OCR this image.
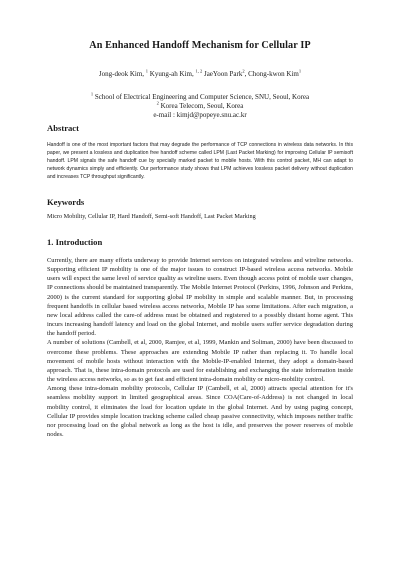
An Enhanced Handoff Mechanism for Cellular IP
Jong-deok Kim, $^1$ Kyung-ah Kim, $^{1, 2}$ JaeYoon Park$^2$, Chong-kwon Kim$^1$
$^1$ School of Electrical Engineering and Computer Science, SNU, Seoul, Korea
$^2$ Korea Telecom, Seoul, Korea
e-mail : kimjd@popeye.snu.ac.kr
Abstract

Handoff is one of the most important factors that may degrade the performance of TCP connections in wireless data networks. In this paper, we present a lossless and duplication free handoff scheme called LPM (Last Packet Marking) for improving Cellular IP semisoft handoff. LPM signals the safe handoff cue by specially marked packet to mobile hosts. With this control packet, MH can adapt to network dynamics simply and efficiently. Our performance study shows that LPM achieves lossless packet delivery without duplication and increases TCP throughput significantly.

Keywords

Micro Mobility, Cellular IP, Hard Handoff, Semi-soft Handoff, Last Packet Marking

1. Introduction

Currently, there are many efforts underway to provide Internet services on integrated wireless and wireline networks. Supporting efficient IP mobility is one of the major issues to construct IP-based wireless access networks. Mobile users will expect the same level of service quality as wireline users. Even though access point of mobile user changes, IP connections should be maintained transparently. The Mobile Internet Protocol (Perkins, 1996, Johnson and Perkins, 2000) is the current standard for supporting global IP mobility in simple and scalable manner. But, in processing frequent handoffs in cellular based wireless access networks, Mobile IP has some limitations. After each migration, a new local address called the care-of address must be obtained and registered to a possibly distant home agent. This incurs increasing handoff latency and load on the global Internet, and mobile users suffer service degradation during the handoff period.

A number of solutions (Cambell, et al, 2000, Ramjee, et al, 1999, Mankin and Soliman, 2000) have been discussed to overcome these problems. These approaches are extending Mobile IP rather than replacing it. To handle local movement of mobile hosts without interaction with the Mobile-IP-enabled Internet, they adopt a domain-based approach. That is, these intra-domain protocols are used for establishing and exchanging the state information inside the wireless access networks, so as to get fast and efficient intra-domain mobility or micro-mobility control.

Among these intra-domain mobility protocols, Cellular IP (Cambell, et al, 2000) attracts special attention for it's seamless mobility support in limited geographical areas. Since COA(Care-of-Address) is not changed in local mobility control, it eliminates the load for location update in the global Internet. And by using paging concept, Cellular IP provides simple location tracking scheme called cheap passive connectivity, which imposes neither traffic nor processing load on the global network as long as the host is idle, and preserves the power reserves of mobile nodes.
